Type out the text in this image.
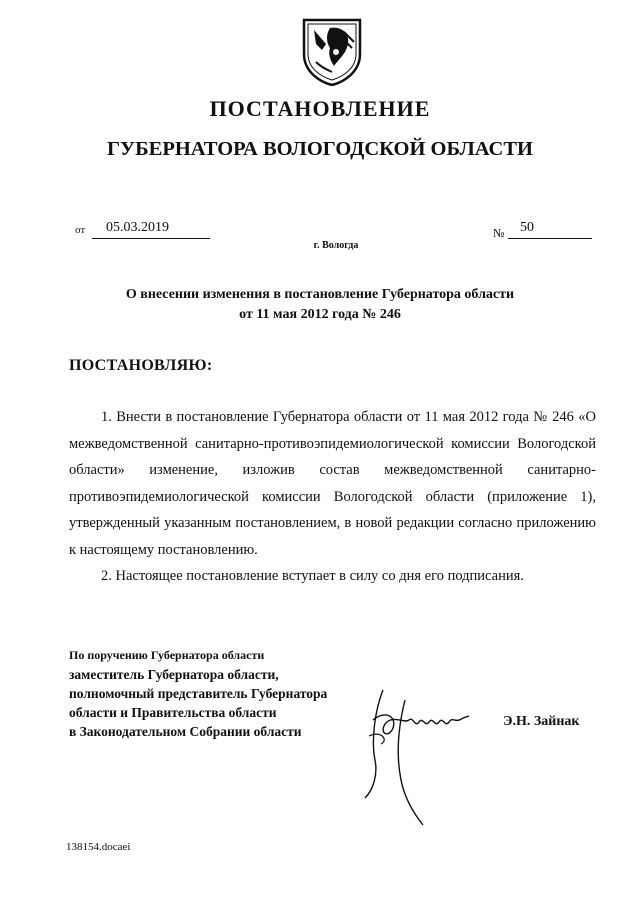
ПОСТАНОВЛЕНИЕ
ГУБЕРНАТОРА ВОЛОГОДСКОЙ ОБЛАСТИ
от 05.03.2019	№ 50
г. Вологда
О внесении изменения в постановление Губернатора области
от 11 мая 2012 года № 246
ПОСТАНОВЛЯЮ:

1. Внести в постановление Губернатора области от 11 мая 2012 года № 246 «О межведомственной санитарно-противоэпидемиологической комиссии Вологодской области» изменение, изложив состав межведомственной санитарно-противоэпидемиологической комиссии Вологодской области (приложение 1), утвержденный указанным постановлением, в новой редакции согласно приложению к настоящему постановлению.

2. Настоящее постановление вступает в силу со дня его подписания.

По поручению Губернатора области
заместитель Губернатора области,
полномочный представитель Губернатора
области и Правительства области
в Законодательном Собрании области
Э.Н. Зайнак
138154.docaei
